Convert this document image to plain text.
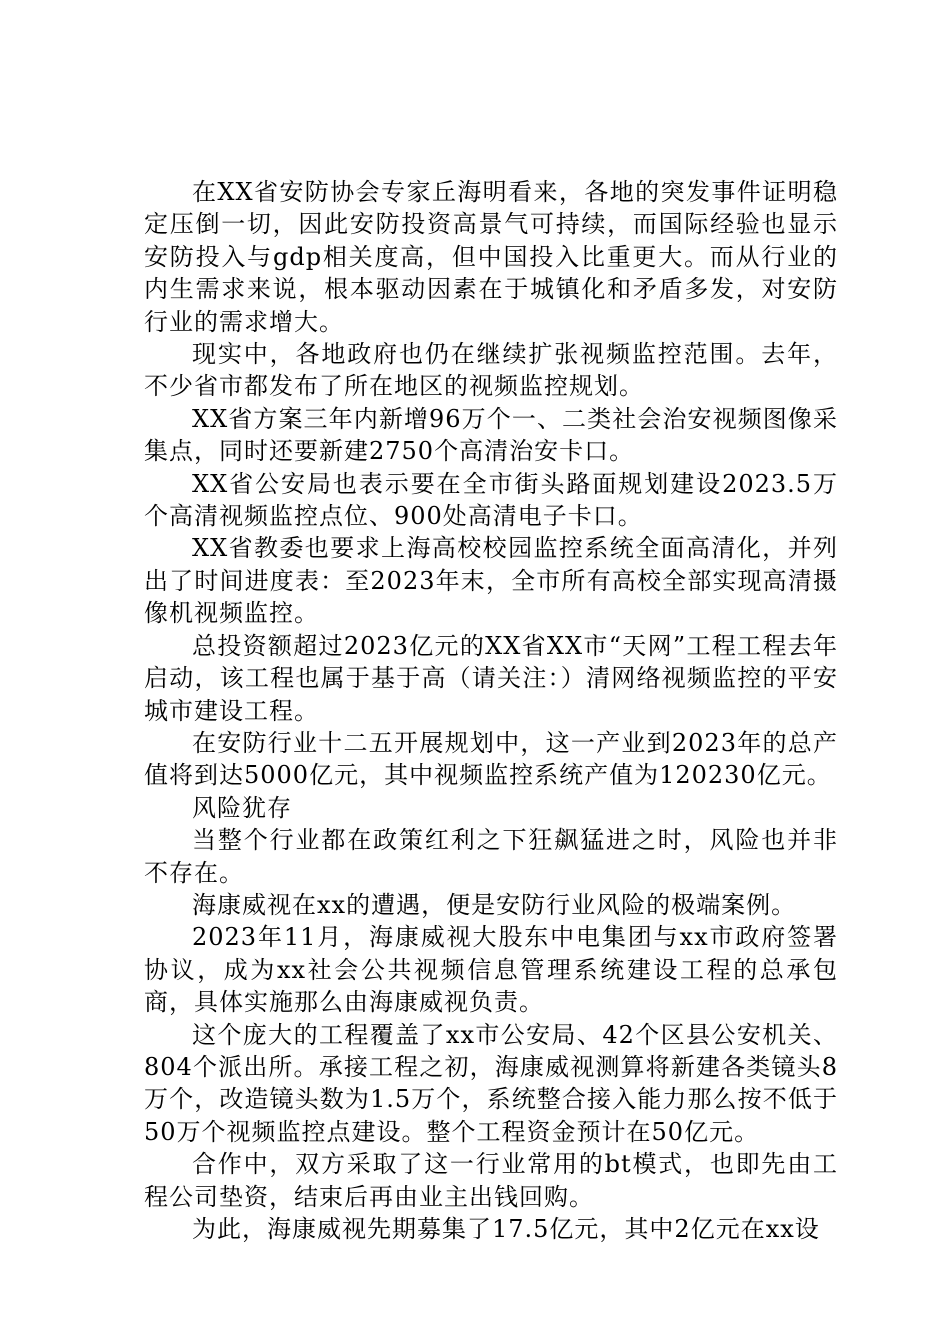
在XX省安防协会专家丘海明看来，各地的突发事件证明稳定压倒一切，因此安防投资高景气可持续，而国际经验也显示安防投入与gdp相关度高，但中国投入比重更大。而从行业的内生需求来说，根本驱动因素在于城镇化和矛盾多发，对安防行业的需求增大。

现实中，各地政府也仍在继续扩张视频监控范围。去年，不少省市都发布了所在地区的视频监控规划。

XX省方案三年内新增96万个一、二类社会治安视频图像采集点，同时还要新建2750个高清治安卡口。

XX省公安局也表示要在全市街头路面规划建设2023.5万个高清视频监控点位、900处高清电子卡口。

XX省教委也要求上海高校校园监控系统全面高清化，并列出了时间进度表：至2023年末，全市所有高校全部实现高清摄像机视频监控。

总投资额超过2023亿元的XX省XX市“天网”工程工程去年启动，该工程也属于基于高（请关注：）清网络视频监控的平安城市建设工程。

在安防行业十二五开展规划中，这一产业到2023年的总产值将到达5000亿元，其中视频监控系统产值为120230亿元。

风险犹存

当整个行业都在政策红利之下狂飙猛进之时，风险也并非不存在。

海康威视在xx的遭遇，便是安防行业风险的极端案例。

2023年11月，海康威视大股东中电集团与xx市政府签署协议，成为xx社会公共视频信息管理系统建设工程的总承包商，具体实施那么由海康威视负责。

这个庞大的工程覆盖了xx市公安局、42个区县公安机关、804个派出所。承接工程之初，海康威视测算将新建各类镜头8万个，改造镜头数为1.5万个，系统整合接入能力那么按不低于50万个视频监控点建设。整个工程资金预计在50亿元。

合作中，双方采取了这一行业常用的bt模式，也即先由工程公司垫资，结束后再由业主出钱回购。

为此，海康威视先期募集了17.5亿元，其中2亿元在xx设
